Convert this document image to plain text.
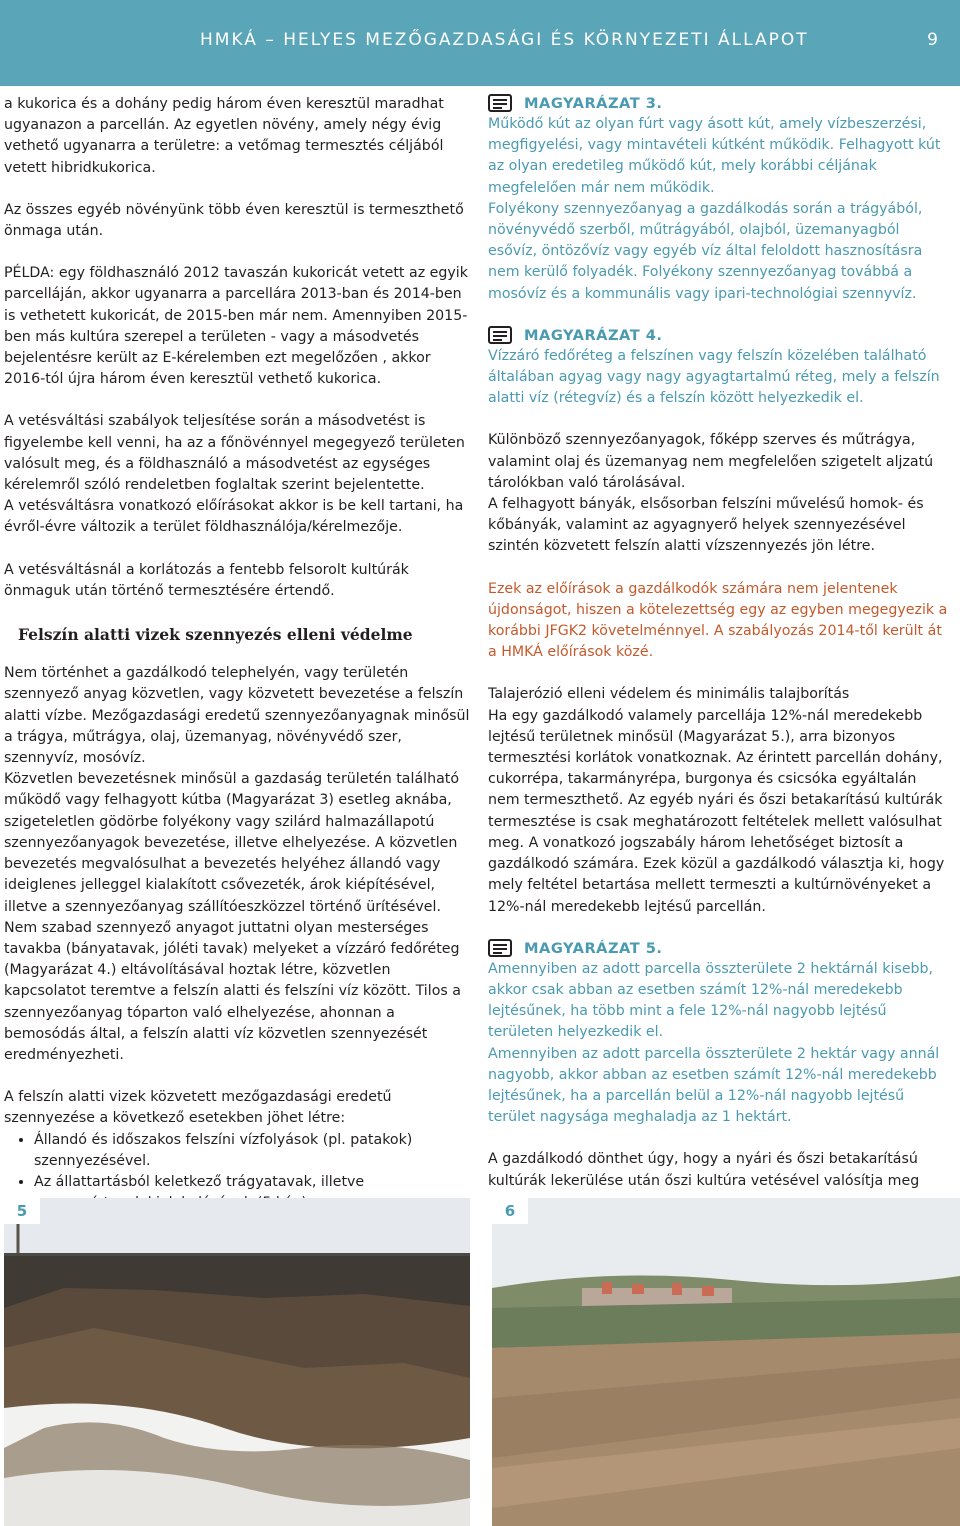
HMKÁ – HELYES MEZŐGAZDASÁGI ÉS KÖRNYEZETI ÁLLAPOT	9

a kukorica és a dohány pedig három éven keresztül maradhat ugyanazon a parcellán. Az egyetlen növény, amely négy évig vethető ugyanarra a területre: a vetőmag termesztés céljából vetett hibridkukorica.

Az összes egyéb növényünk több éven keresztül is termeszthető önmaga után.

PÉLDA: egy földhasználó 2012 tavaszán kukoricát vetett az egyik parcelláján, akkor ugyanarra a parcellára 2013-ban és 2014-ben is vethetett kukoricát, de 2015-ben már nem. Amennyiben 2015-ben más kultúra szerepel a területen - vagy a másodvetés bejelentésre került az E-kérelemben ezt megelőzően , akkor 2016-tól újra három éven keresztül vethető kukorica.

A vetésváltási szabályok teljesítése során a másodvetést is figyelembe kell venni, ha az a főnövénnyel megegyező területen valósult meg, és a földhasználó a másodvetést az egységes kérelemről szóló rendeletben foglaltak szerint bejelentette.

A vetésváltásra vonatkozó előírásokat akkor is be kell tartani, ha évről-évre változik a terület földhasználója/kérelmezője.

A vetésváltásnál a korlátozás a fentebb felsorolt kultúrák önmaguk után történő termesztésére értendő.

Felszín alatti vizek szennyezés elleni védelme

Nem történhet a gazdálkodó telephelyén, vagy területén szennyező anyag közvetlen, vagy közvetett bevezetése a felszín alatti vízbe. Mezőgazdasági eredetű szennyezőanyagnak minősül a trágya, műtrágya, olaj, üzemanyag, növényvédő szer, szennyvíz, mosóvíz.

Közvetlen bevezetésnek minősül a gazdaság területén található működő vagy felhagyott kútba (Magyarázat 3) esetleg aknába, szigeteletlen gödörbe folyékony vagy szilárd halmazállapotú szennyezőanyagok bevezetése, illetve elhelyezése. A közvetlen bevezetés megvalósulhat a bevezetés helyéhez állandó vagy ideiglenes jelleggel kialakított csővezeték, árok kiépítésével, illetve a szennyezőanyag szállítóeszközzel történő ürítésével.

Nem szabad szennyező anyagot juttatni olyan mesterséges tavakba (bányatavak, jóléti tavak) melyeket a vízzáró fedőréteg (Magyarázat 4.) eltávolításával hoztak létre, közvetlen kapcsolatot teremtve a felszín alatti és felszíni víz között. Tilos a szennyezőanyag tóparton való elhelyezése, ahonnan a bemosódás által, a felszín alatti víz közvetlen szennyezését eredményezheti.

A felszín alatti vizek közvetett mezőgazdasági eredetű szennyezése a következő esetekben jöhet létre:

• Állandó és időszakos felszíni vízfolyások (pl. patakok) szennyezésével.
• Az állattartásból keletkező trágyatavak, illetve
MAGYARÁZAT 3.

Működő kút az olyan fúrt vagy ásott kút, amely vízbeszerzési, megfigyelési, vagy mintavételi kútként működik. Felhagyott kút az olyan eredetileg működő kút, mely korábbi céljának megfelelően már nem működik.

Folyékony szennyezőanyag a gazdálkodás során a trágyából, növényvédő szerből, műtrágyából, olajból, üzemanyagból esővíz, öntözővíz vagy egyéb víz által feloldott hasznosításra nem kerülő folyadék. Folyékony szennyezőanyag továbbá a mosóvíz és a kommunális vagy ipari-technológiai szennyvíz.

MAGYARÁZAT 4.

Vízzáró fedőréteg a felszínen vagy felszín közelében található általában agyag vagy nagy agyagtartalmú réteg, mely a felszín alatti víz (rétegvíz) és a felszín között helyezkedik el.

Különböző szennyezőanyagok, főképp szerves és műtrágya, valamint olaj és üzemanyag nem megfelelően szigetelt aljzatú tárolókban való tárolásával.

A felhagyott bányák, elsősorban felszíni művelésű homok- és kőbányák, valamint az agyagnyerő helyek szennyezésével szintén közvetett felszín alatti vízszennyezés jön létre.

Ezek az előírások a gazdálkodók számára nem jelentenek újdonságot, hiszen a kötelezettség egy az egyben megegyezik a korábbi JFGK2 követelménnyel. A szabályozás 2014-től került át a HMKÁ előírások közé.

Talajerózió elleni védelem és minimális talajborítás

Ha egy gazdálkodó valamely parcellája 12%-nál meredekebb lejtésű területnek minősül (Magyarázat 5.), arra bizonyos termesztési korlátok vonatkoznak. Az érintett parcellán dohány, cukorrépa, takarmányrépa, burgonya és csicsóka egyáltalán nem termeszthető. Az egyéb nyári és őszi betakarítású kultúrák termesztése is csak meghatározott feltételek mellett valósulhat meg. A vonatkozó jogszabály három lehetőséget biztosít a gazdálkodó számára. Ezek közül a gazdálkodó választja ki, hogy mely feltétel betartása mellett termeszti a kultúrnövényeket a 12%-nál meredekebb lejtésű parcellán.

MAGYARÁZAT 5.

Amennyiben az adott parcella összterülete 2 hektárnál kisebb, akkor csak abban az esetben számít 12%-nál meredekebb lejtésűnek, ha több mint a fele 12%-nál nagyobb lejtésű területen helyezkedik el.

Amennyiben az adott parcella összterülete 2 hektár vagy annál nagyobb, akkor abban az esetben számít 12%-nál meredekebb lejtésűnek, ha a parcellán belül a 12%-nál nagyobb lejtésű terület nagysága meghaladja az 1 hektárt.

A gazdálkodó dönthet úgy, hogy a nyári és őszi betakarítású kultúrák lekerülése után őszi kultúra vetésével valósítja meg

5	6
